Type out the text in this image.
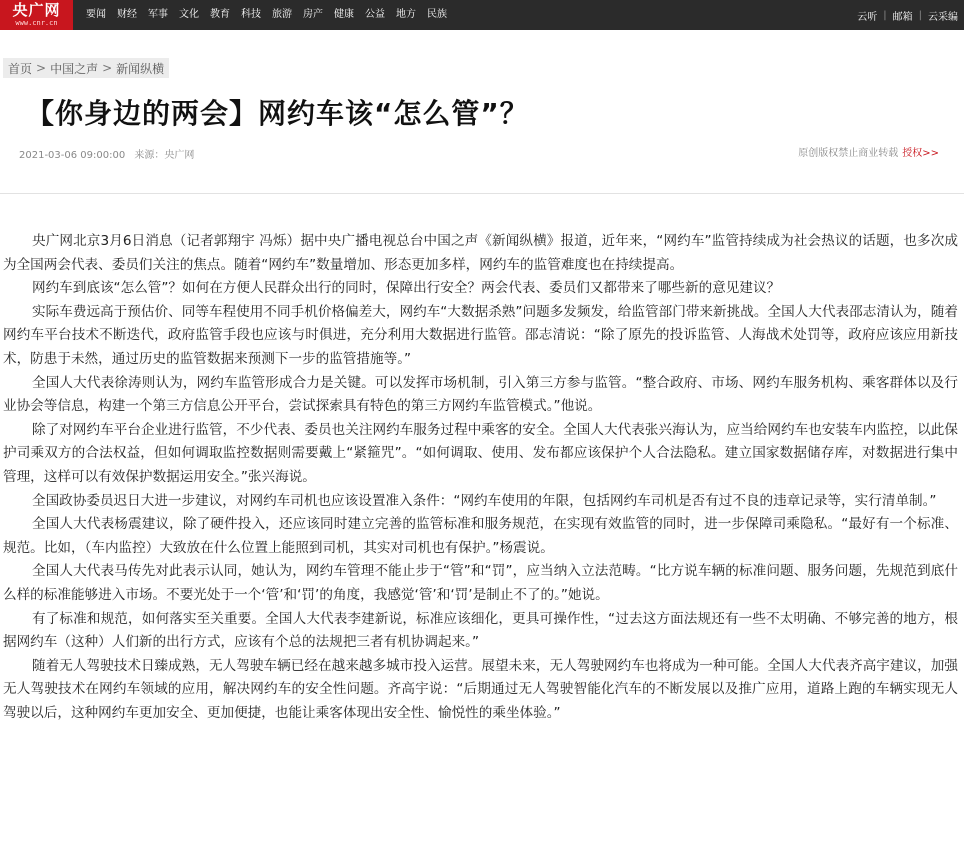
央广网
www.cnr.cn
要闻 财经 军事 文化 教育 科技 旅游 房产 健康 公益 地方 民族	云听 | 邮箱 | 云采编
首页 > 中国之声 > 新闻纵横
【你身边的两会】网约车该“怎么管”？
2021-03-06 09:00:00 来源：央广网	原创版权禁止商业转载 授权>>

央广网北京3月6日消息（记者郭翔宇 冯烁）据中央广播电视总台中国之声《新闻纵横》报道，近年来，“网约车”监管持续成为社会热议的话题，也多次成为全国两会代表、委员们关注的焦点。随着“网约车”数量增加、形态更加多样，网约车的监管难度也在持续提高。

网约车到底该“怎么管”？如何在方便人民群众出行的同时，保障出行安全？两会代表、委员们又都带来了哪些新的意见建议？

实际车费远高于预估价、同等车程使用不同手机价格偏差大，网约车“大数据杀熟”问题多发频发，给监管部门带来新挑战。全国人大代表邵志清认为，随着网约车平台技术不断迭代，政府监管手段也应该与时俱进，充分利用大数据进行监管。邵志清说：“除了原先的投诉监管、人海战术处罚等，政府应该应用新技术，防患于未然，通过历史的监管数据来预测下一步的监管措施等。”

全国人大代表徐涛则认为，网约车监管形成合力是关键。可以发挥市场机制，引入第三方参与监管。“整合政府、市场、网约车服务机构、乘客群体以及行业协会等信息，构建一个第三方信息公开平台，尝试探索具有特色的第三方网约车监管模式。”他说。

除了对网约车平台企业进行监管，不少代表、委员也关注网约车服务过程中乘客的安全。全国人大代表张兴海认为，应当给网约车也安装车内监控，以此保护司乘双方的合法权益，但如何调取监控数据则需要戴上“紧箍咒”。“如何调取、使用、发布都应该保护个人合法隐私。建立国家数据储存库，对数据进行集中管理，这样可以有效保护数据运用安全。”张兴海说。

全国政协委员迟日大进一步建议，对网约车司机也应该设置准入条件：“网约车使用的年限，包括网约车司机是否有过不良的违章记录等，实行清单制。”

全国人大代表杨震建议，除了硬件投入，还应该同时建立完善的监管标准和服务规范，在实现有效监管的同时，进一步保障司乘隐私。“最好有一个标准、规范。比如，（车内监控）大致放在什么位置上能照到司机，其实对司机也有保护。”杨震说。

全国人大代表马传先对此表示认同，她认为，网约车管理不能止步于“管”和“罚”，应当纳入立法范畴。“比方说车辆的标准问题、服务问题，先规范到底什么样的标准能够进入市场。不要光处于一个‘管’和‘罚’的角度，我感觉‘管’和‘罚’是制止不了的。”她说。

有了标准和规范，如何落实至关重要。全国人大代表李建新说，标准应该细化，更具可操作性，“过去这方面法规还有一些不太明确、不够完善的地方，根据网约车（这种）人们新的出行方式，应该有个总的法规把三者有机协调起来。”

随着无人驾驶技术日臻成熟，无人驾驶车辆已经在越来越多城市投入运营。展望未来，无人驾驶网约车也将成为一种可能。全国人大代表齐高宇建议，加强无人驾驶技术在网约车领域的应用，解决网约车的安全性问题。齐高宇说：“后期通过无人驾驶智能化汽车的不断发展以及推广应用，道路上跑的车辆实现无人驾驶以后，这种网约车更加安全、更加便捷，也能让乘客体现出安全性、愉悦性的乘坐体验。”
